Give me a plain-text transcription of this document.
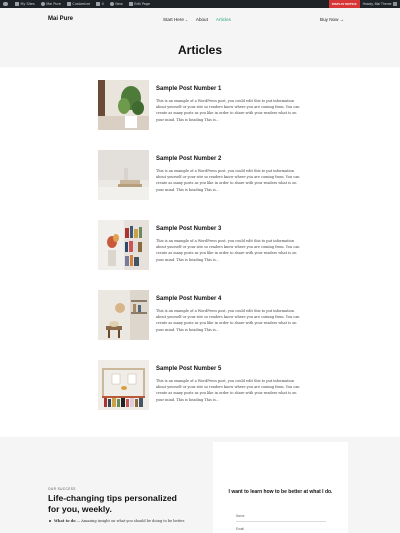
My Sites	Mai Pure	Customize	0	New	Edit Page	DISPLAY NOTICE	Howdy, Mai Theme
Mai Pure	Start Here ⌄ About Articles	Buy Now →
Articles
Sample Post Number 1
This is an example of a WordPress post, you could edit this to put information about yourself or your site so readers know where you are coming from. You can create as many posts as you like in order to share with your readers what is on your mind. This is heading This is...
Sample Post Number 2
This is an example of a WordPress post, you could edit this to put information about yourself or your site so readers know where you are coming from. You can create as many posts as you like in order to share with your readers what is on your mind. This is heading This is...
Sample Post Number 3
This is an example of a WordPress post, you could edit this to put information about yourself or your site so readers know where you are coming from. You can create as many posts as you like in order to share with your readers what is on your mind. This is heading This is...
Sample Post Number 4
This is an example of a WordPress post, you could edit this to put information about yourself or your site so readers know where you are coming from. You can create as many posts as you like in order to share with your readers what is on your mind. This is heading This is...
Sample Post Number 5
This is an example of a WordPress post, you could edit this to put information about yourself or your site so readers know where you are coming from. You can create as many posts as you like in order to share with your readers what is on your mind. This is heading This is...
OUR SUCCESS
Life-changing tips personalized for you, weekly.
What to do — Amazing insight on what you should be doing to be better.
I want to learn how to be better at what I do.
Name
Email
